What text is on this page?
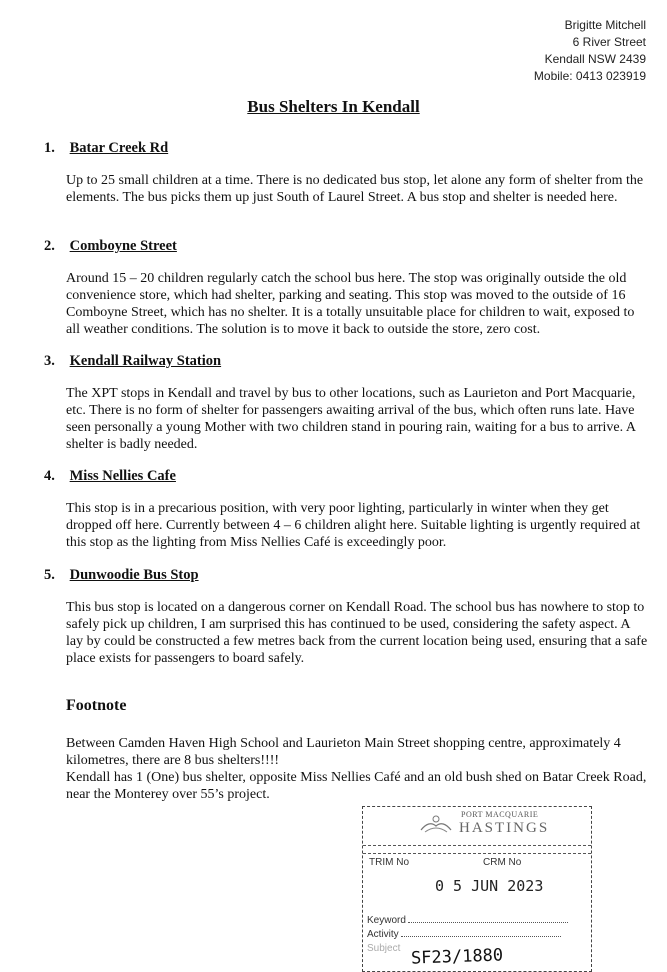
Brigitte Mitchell
6 River Street
Kendall NSW 2439
Mobile: 0413 023919
Bus Shelters In Kendall
1. Batar Creek Rd
Up to 25 small children at a time. There is no dedicated bus stop, let alone any form of shelter from the elements. The bus picks them up just South of Laurel Street. A bus stop and shelter is needed here.
2. Comboyne Street
Around 15 – 20 children regularly catch the school bus here. The stop was originally outside the old convenience store, which had shelter, parking and seating. This stop was moved to the outside of 16 Comboyne Street, which has no shelter. It is a totally unsuitable place for children to wait, exposed to all weather conditions. The solution is to move it back to outside the store, zero cost.
3. Kendall Railway Station
The XPT stops in Kendall and travel by bus to other locations, such as Laurieton and Port Macquarie, etc. There is no form of shelter for passengers awaiting arrival of the bus, which often runs late. Have seen personally a young Mother with two children stand in pouring rain, waiting for a bus to arrive. A shelter is badly needed.
4. Miss Nellies Cafe
This stop is in a precarious position, with very poor lighting, particularly in winter when they get dropped off here. Currently between 4 – 6 children alight here. Suitable lighting is urgently required at this stop as the lighting from Miss Nellies Café is exceedingly poor.
5. Dunwoodie Bus Stop
This bus stop is located on a dangerous corner on Kendall Road. The school bus has nowhere to stop to safely pick up children, I am surprised this has continued to be used, considering the safety aspect. A lay by could be constructed a few metres back from the current location being used, ensuring that a safe place exists for passengers to board safely.
Footnote
Between Camden Haven High School and Laurieton Main Street shopping centre, approximately 4 kilometres, there are 8 bus shelters!!!!
Kendall has 1 (One) bus shelter, opposite Miss Nellies Café and an old bush shed on Batar Creek Road, near the Monterey over 55’s project.
PORT MACQUARIE
HASTINGS
TRIM No	CRM No
0 5 JUN 2023
Keyword
Activity
Subject SF23/1880
